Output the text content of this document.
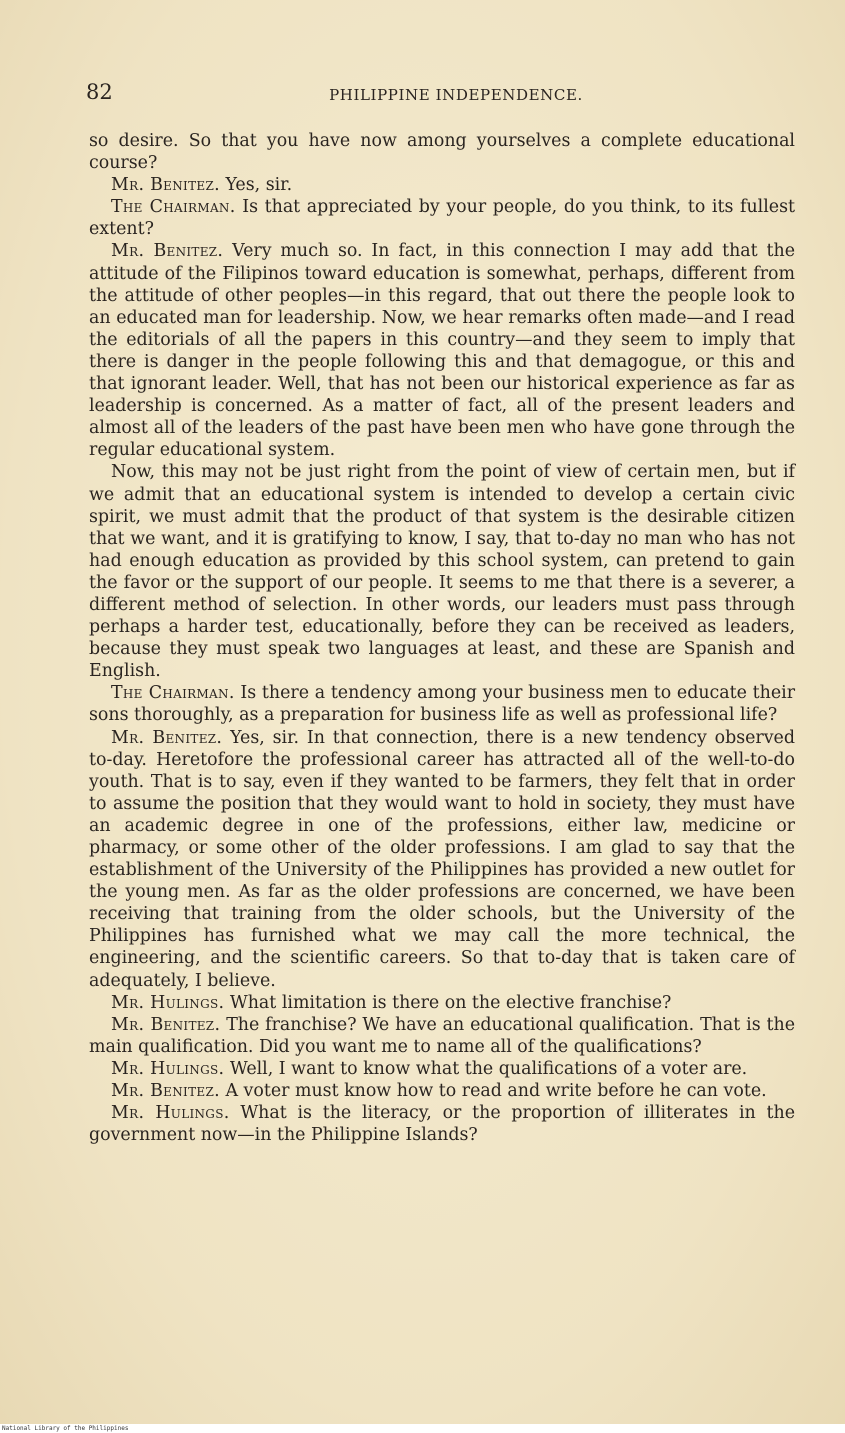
82	PHILIPPINE INDEPENDENCE.

so desire. So that you have now among yourselves a complete educational course?

Mr. Benitez. Yes, sir.

The Chairman. Is that appreciated by your people, do you think, to its fullest extent?

Mr. Benitez. Very much so. In fact, in this connection I may add that the attitude of the Filipinos toward education is somewhat, perhaps, different from the attitude of other peoples—in this regard, that out there the people look to an educated man for leadership. Now, we hear remarks often made—and I read the editorials of all the papers in this country—and they seem to imply that there is danger in the people following this and that demagogue, or this and that ignorant leader. Well, that has not been our historical experience as far as leadership is concerned. As a matter of fact, all of the present leaders and almost all of the leaders of the past have been men who have gone through the regular educational system.

Now, this may not be just right from the point of view of certain men, but if we admit that an educational system is intended to develop a certain civic spirit, we must admit that the product of that system is the desirable citizen that we want, and it is gratifying to know, I say, that to-day no man who has not had enough education as provided by this school system, can pretend to gain the favor or the support of our people. It seems to me that there is a severer, a different method of selection. In other words, our leaders must pass through perhaps a harder test, educationally, before they can be received as leaders, because they must speak two languages at least, and these are Spanish and English.

The Chairman. Is there a tendency among your business men to educate their sons thoroughly, as a preparation for business life as well as professional life?

Mr. Benitez. Yes, sir. In that connection, there is a new tendency observed to-day. Heretofore the professional career has attracted all of the well-to-do youth. That is to say, even if they wanted to be farmers, they felt that in order to assume the position that they would want to hold in society, they must have an academic degree in one of the professions, either law, medicine or pharmacy, or some other of the older professions. I am glad to say that the establishment of the University of the Philippines has provided a new outlet for the young men. As far as the older professions are concerned, we have been receiving that training from the older schools, but the University of the Philippines has furnished what we may call the more technical, the engineering, and the scientific careers. So that to-day that is taken care of adequately, I believe.

Mr. Hulings. What limitation is there on the elective franchise?

Mr. Benitez. The franchise? We have an educational qualification. That is the main qualification. Did you want me to name all of the qualifications?

Mr. Hulings. Well, I want to know what the qualifications of a voter are.

Mr. Benitez. A voter must know how to read and write before he can vote.

Mr. Hulings. What is the literacy, or the proportion of illiterates in the government now—in the Philippine Islands?

National Library of the Philippines
